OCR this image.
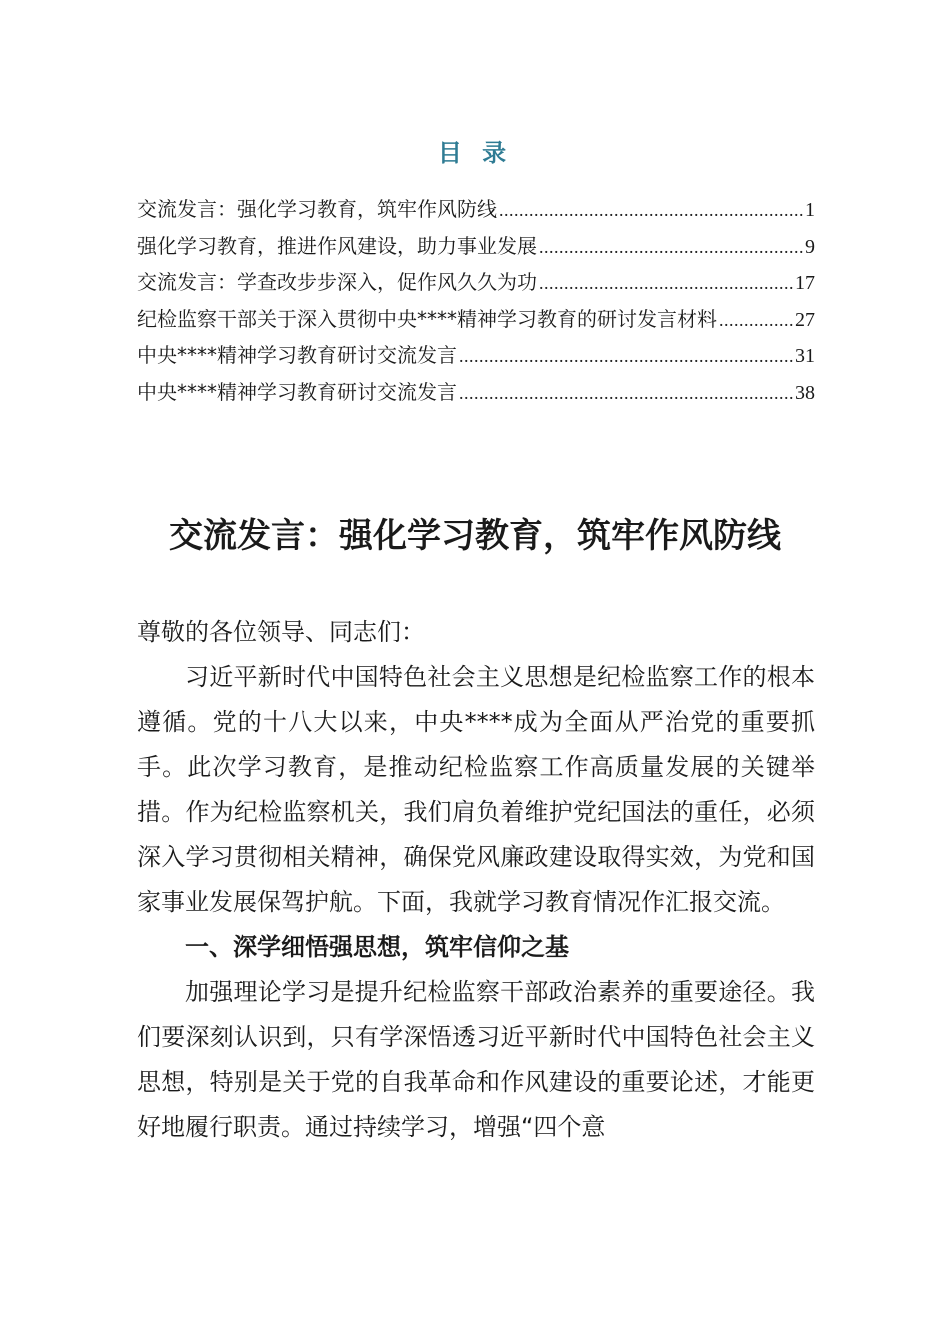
目 录
交流发言：强化学习教育，筑牢作风防线 .....	1
强化学习教育，推进作风建设，助力事业发展 .....	9
交流发言：学查改步步深入，促作风久久为功 .....	17
纪检监察干部关于深入贯彻中央****精神学习教育的研讨发言材料 .....	27
中央****精神学习教育研讨交流发言 .....	31
中央****精神学习教育研讨交流发言 .....	38
交流发言：强化学习教育，筑牢作风防线

尊敬的各位领导、同志们：

习近平新时代中国特色社会主义思想是纪检监察工作的根本遵循。党的十八大以来，中央****成为全面从严治党的重要抓手。此次学习教育，是推动纪检监察工作高质量发展的关键举措。作为纪检监察机关，我们肩负着维护党纪国法的重任，必须深入学习贯彻相关精神，确保党风廉政建设取得实效，为党和国家事业发展保驾护航。下面，我就学习教育情况作汇报交流。

一、深学细悟强思想，筑牢信仰之基

加强理论学习是提升纪检监察干部政治素养的重要途径。我们要深刻认识到，只有学深悟透习近平新时代中国特色社会主义思想，特别是关于党的自我革命和作风建设的重要论述，才能更好地履行职责。通过持续学习，增强“四个意
